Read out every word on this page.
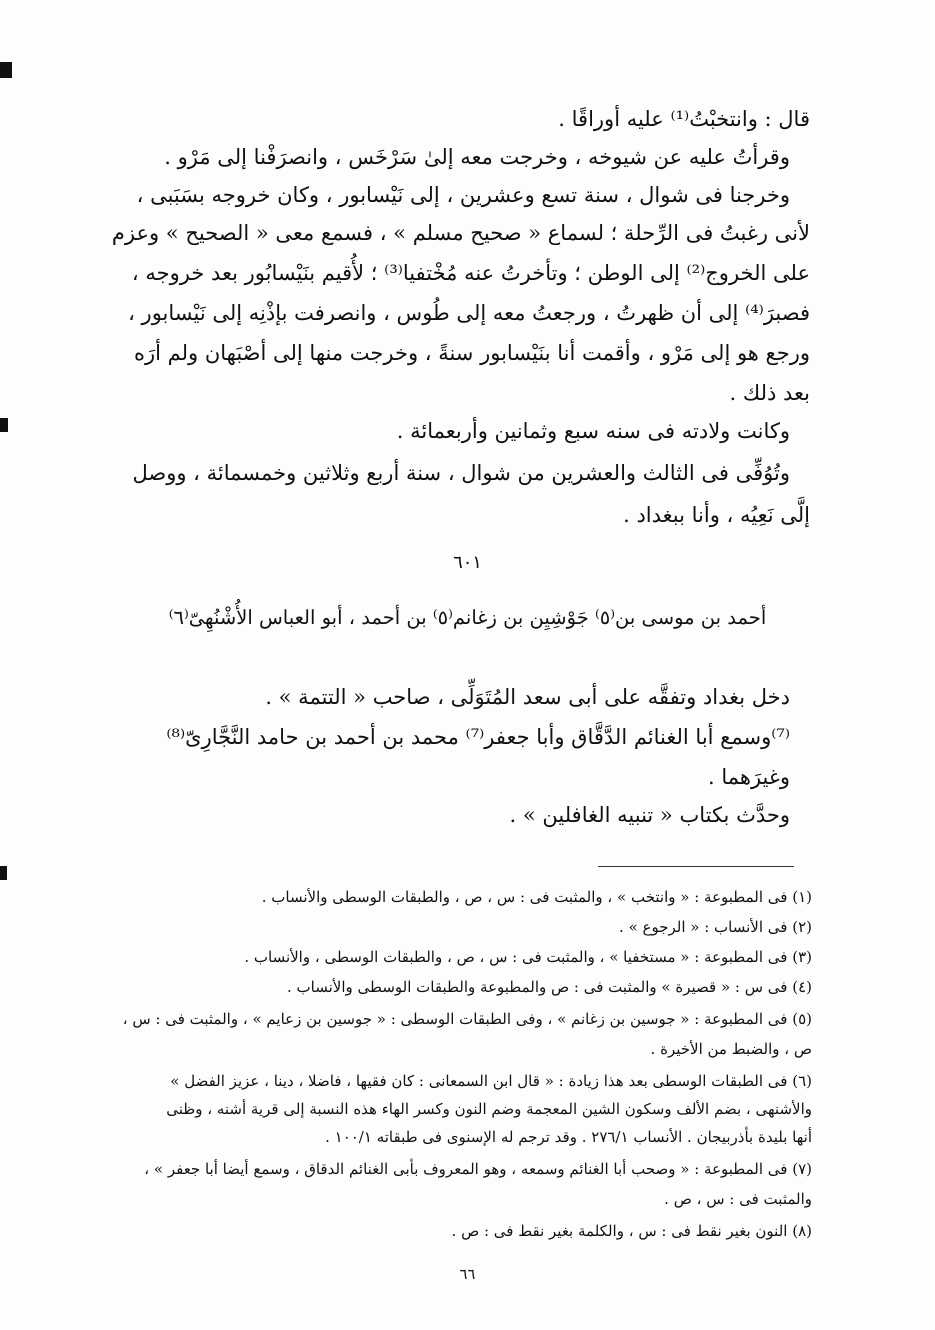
قال : وانتخبْتُ⁽¹⁾ عليه أوراقًا .
وقرأتُ عليه عن شيوخه ، وخرجت معه إلىٰ سَرْخَس ، وانصرَفْنا إلى مَرْو .
وخرجنا فى شوال ، سنة تسع وعشرين ، إلى نَيْسابور ، وكان خروجه بسَبَبى ،
لأنى رغبتُ فى الرِّحلة ؛ لسماع « صحيح مسلم » ، فسمع معى « الصحيح » وعزم
على الخروج⁽²⁾ إلى الوطن ؛ وتأخرتُ عنه مُخْتفيا⁽³⁾ ؛ لأُقيم بنَيْسابُور بعد خروجه ،
فصبرَ⁽⁴⁾ إلى أن ظهرتُ ، ورجعتُ معه إلى طُوس ، وانصرفت بإذْنِه إلى نَيْسابور ،
ورجع هو إلى مَرْو ، وأقمت أنا بنَيْسابور سنةً ، وخرجت منها إلى أصْبَهان ولم أرَه
بعد ذلك .
وكانت ولادته فى سنه سبع وثمانين وأربعمائة .
وتُوُفِّى فى الثالث والعشرين من شوال ، سنة أربع وثلاثين وخمسمائة ، ووصل
إلَّى نَعِيُه ، وأنا ببغداد .
٦٠١
أحمد بن موسى بن⁽٥⁾ جَوْشِيِن بن زغانم⁽٥⁾ بن أحمد ، أبو العباس الأُشْنُهِىّ⁽٦⁾
دخل بغداد وتفقَّه على أبى سعد المُتَوَلِّى ، صاحب « التتمة » .
⁽⁷⁾وسمع أبا الغنائم الدَّقَّاق وأبا جعفر⁽⁷⁾ محمد بن أحمد بن حامد النَّجَّارِىّ⁽⁸⁾
وغيرَهما .
وحدَّث بكتاب « تنبيه الغافلين » .
(١) فى المطبوعة : « وانتخب » ، والمثبت فى : س ، ص ، والطبقات الوسطى والأنساب .
(٢) فى الأنساب : « الرجوع » .
(٣) فى المطبوعة : « مستخفيا » ، والمثبت فى : س ، ص ، والطبقات الوسطى ، والأنساب .
(٤) فى س : « قصيرة » والمثبت فى : ص والمطبوعة والطبقات الوسطى والأنساب .
(٥) فى المطبوعة : « جوسين بن زغانم » ، وفى الطبقات الوسطى : « جوسين بن زعايم » ، والمثبت فى : س ،
ص ، والضبط من الأخيرة .
(٦) فى الطبقات الوسطى بعد هذا زيادة : « قال ابن السمعانى : كان فقيها ، فاضلا ، دينا ، عزيز الفضل »
والأشنهى ، بضم الألف وسكون الشين المعجمة وضم النون وكسر الهاء هذه النسبة إلى قرية أشنه ، وظنى
أنها بليدة بأذربيجان . الأنساب ٢٧٦/١ . وقد ترجم له الإسنوى فى طبقاته ١٠٠/١ .
(٧) فى المطبوعة : « وصحب أبا الغنائم وسمعه ، وهو المعروف بأبى الغنائم الدقاق ، وسمع أيضا أبا جعفر » ،
والمثبت فى : س ، ص .
(٨) النون بغير نقط فى : س ، والكلمة بغير نقط فى : ص .
٦٦
